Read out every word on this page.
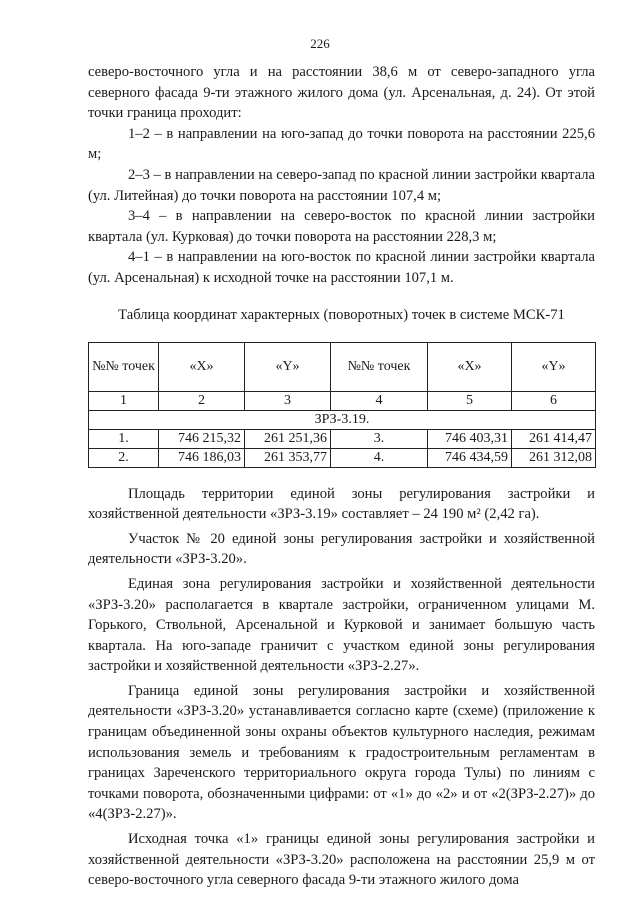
226

северо-восточного угла и на расстоянии 38,6 м от северо-западного угла северного фасада 9-ти этажного жилого дома (ул. Арсенальная, д. 24). От этой точки граница проходит:

1–2 – в направлении на юго-запад до точки поворота на расстоянии 225,6 м;

2–3 – в направлении на северо-запад по красной линии застройки квартала (ул. Литейная) до точки поворота на расстоянии 107,4 м;

3–4 – в направлении на северо-восток по красной линии застройки квартала (ул. Курковая) до точки поворота на расстоянии 228,3 м;

4–1 – в направлении на юго-восток по красной линии застройки квартала (ул. Арсенальная) к исходной точке на расстоянии 107,1 м.

Таблица координат характерных (поворотных) точек в системе МСК-71

№№ точек	«X»	«Y»	№№ точек	«X»	«Y»
1	2	3	4	5	6
ЗРЗ-3.19.					
1.	746 215,32	261 251,36	3.	746 403,31	261 414,47
2.	746 186,03	261 353,77	4.	746 434,59	261 312,08

Площадь территории единой зоны регулирования застройки и хозяйственной деятельности «ЗРЗ-3.19» составляет – 24 190 м² (2,42 га).

Участок № 20 единой зоны регулирования застройки и хозяйственной деятельности «ЗРЗ-3.20».

Единая зона регулирования застройки и хозяйственной деятельности «ЗРЗ-3.20» располагается в квартале застройки, ограниченном улицами М. Горького, Ствольной, Арсенальной и Курковой и занимает большую часть квартала. На юго-западе граничит с участком единой зоны регулирования застройки и хозяйственной деятельности «ЗРЗ-2.27».

Граница единой зоны регулирования застройки и хозяйственной деятельности «ЗРЗ-3.20» устанавливается согласно карте (схеме) (приложение к границам объединенной зоны охраны объектов культурного наследия, режимам использования земель и требованиям к градостроительным регламентам в границах Зареченского территориального округа города Тулы) по линиям с точками поворота, обозначенными цифрами: от «1» до «2» и от «2(ЗРЗ-2.27)» до «4(ЗРЗ-2.27)».

Исходная точка «1» границы единой зоны регулирования застройки и хозяйственной деятельности «ЗРЗ-3.20» расположена на расстоянии 25,9 м от северо-восточного угла северного фасада 9-ти этажного жилого дома
